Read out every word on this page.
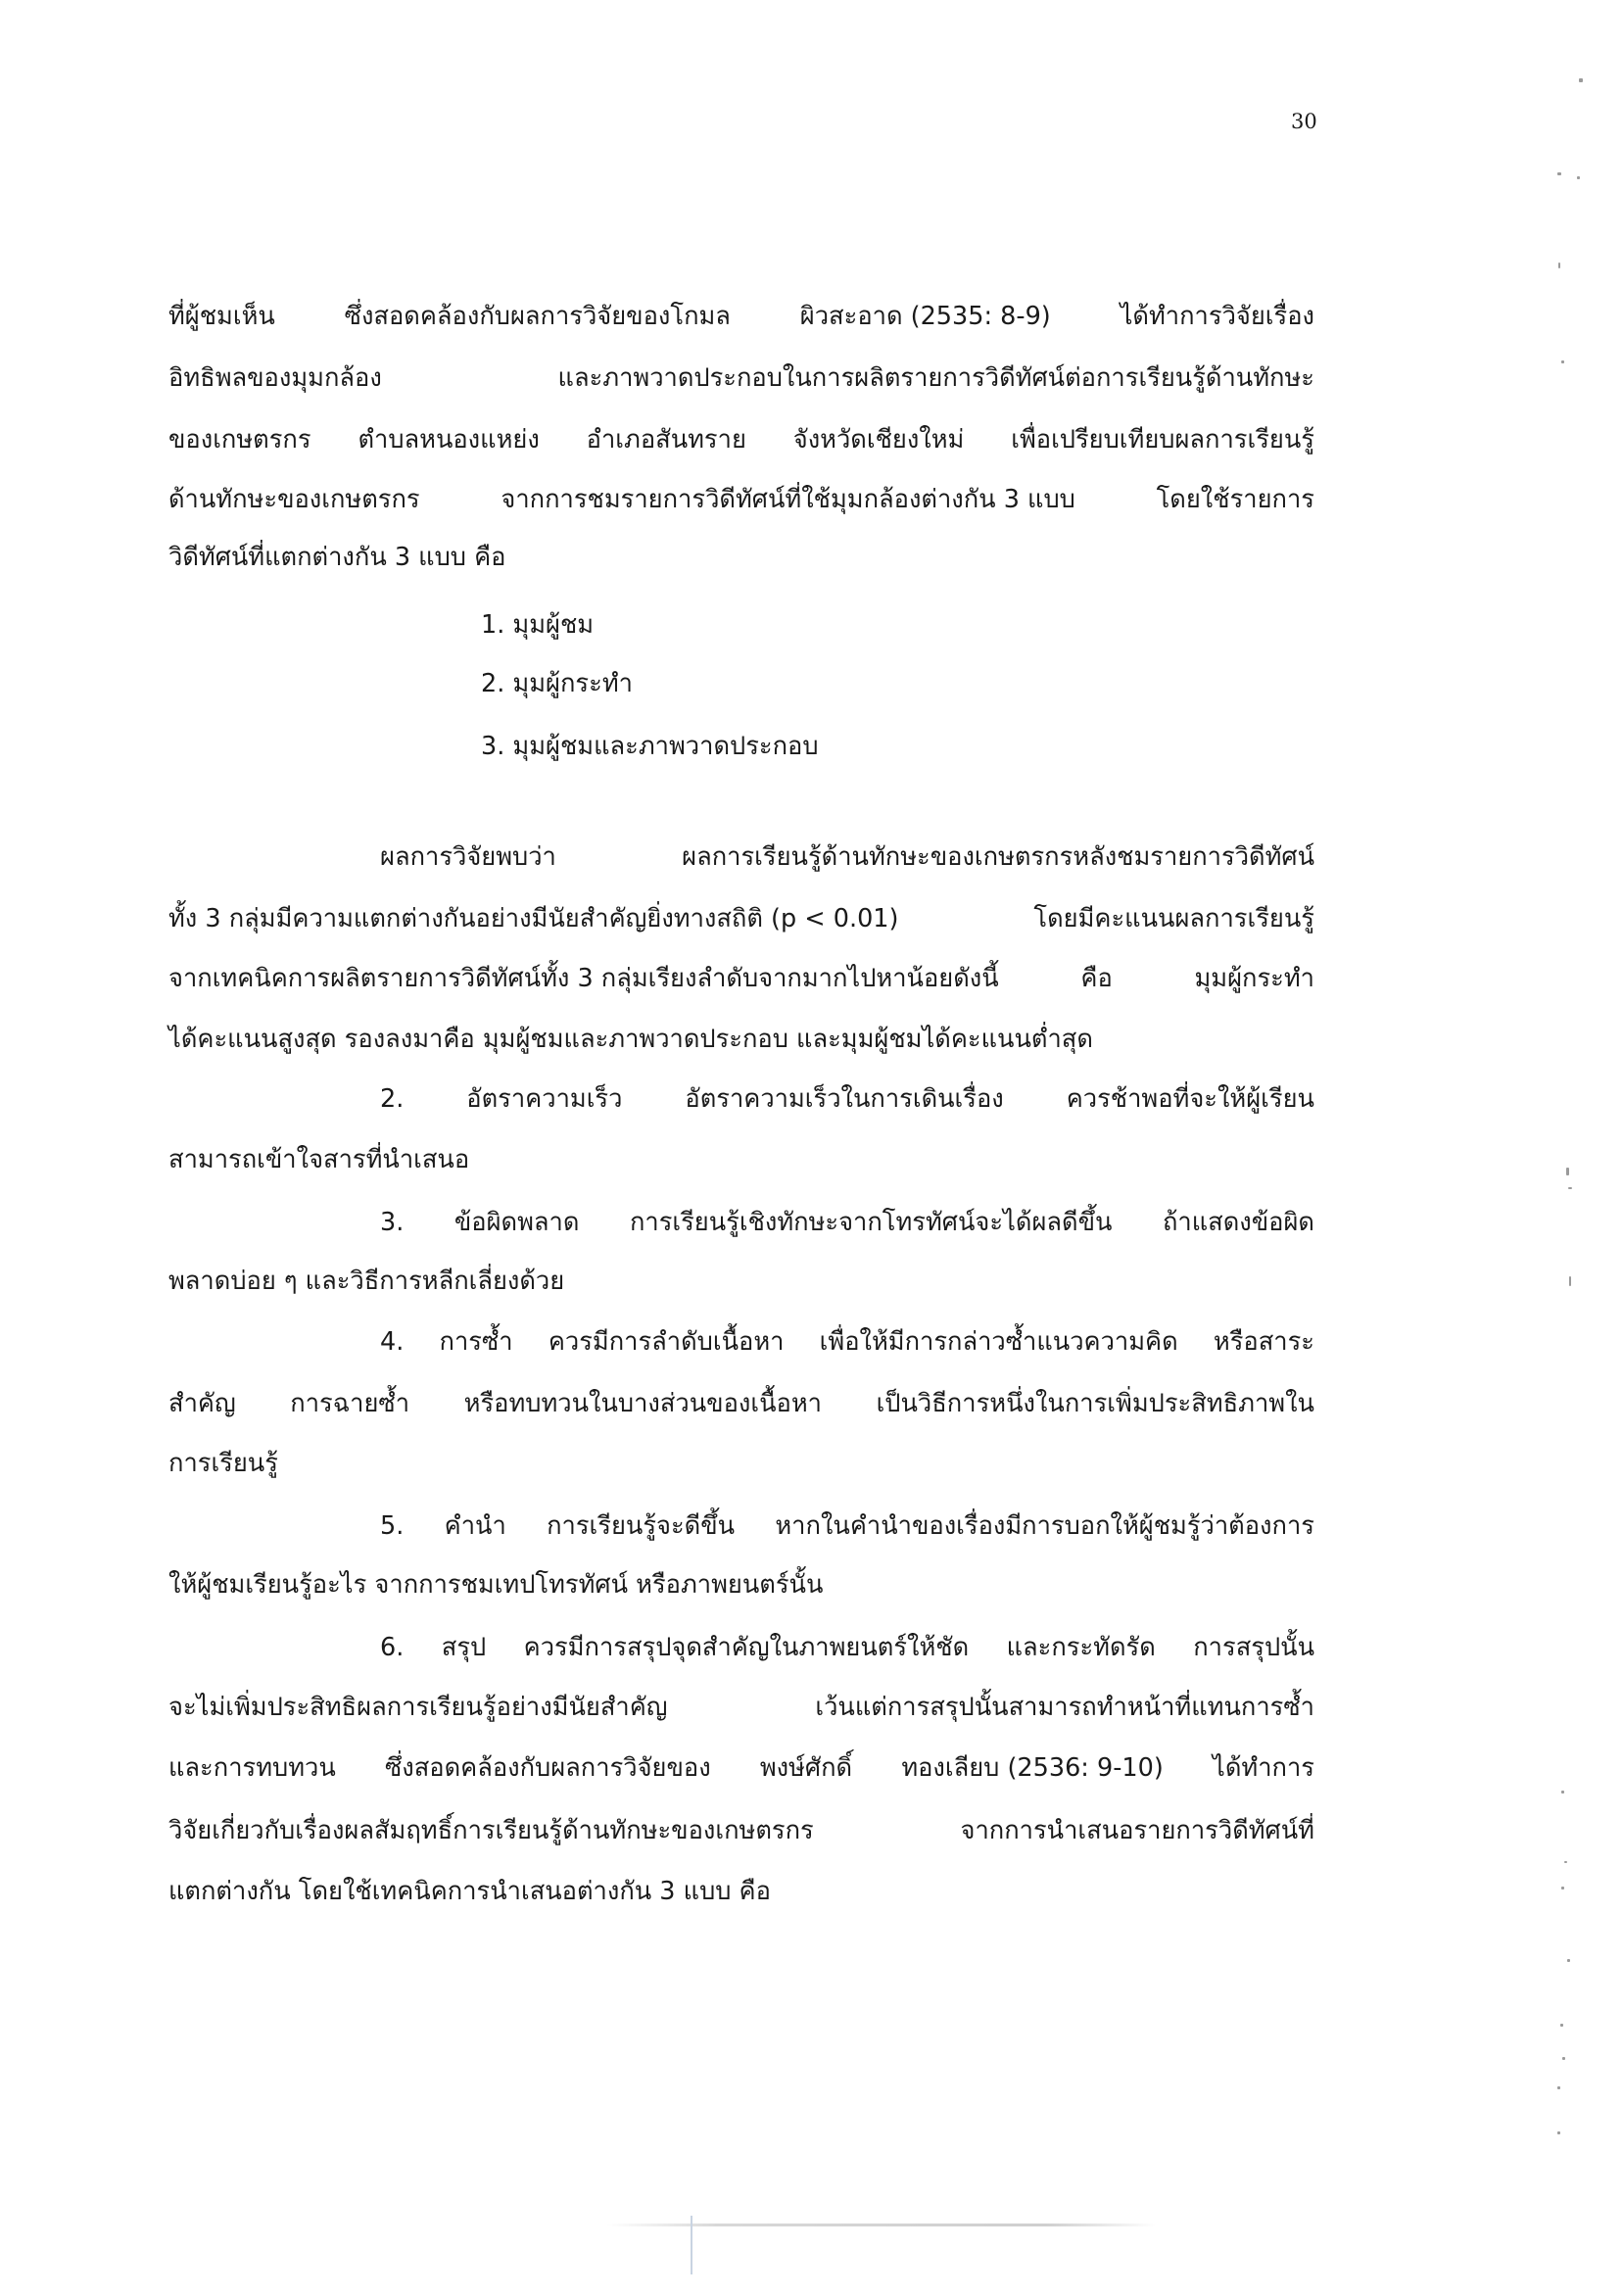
30
ที่ผู้ชมเห็น	ซึ่งสอดคล้องกับผลการวิจัยของโกมล	ผิวสะอาด (2535: 8-9)	ได้ทำการวิจัยเรื่อง
อิทธิพลของมุมกล้อง	และภาพวาดประกอบในการผลิตรายการวิดีทัศน์ต่อการเรียนรู้ด้านทักษะ
ของเกษตรกร ตำบลหนองแหย่ง อำเภอสันทราย จังหวัดเชียงใหม่ เพื่อเปรียบเทียบผลการเรียนรู้
ด้านทักษะของเกษตรกร	จากการชมรายการวิดีทัศน์ที่ใช้มุมกล้องต่างกัน 3 แบบ	โดยใช้รายการ
วิดีทัศน์ที่แตกต่างกัน 3 แบบ คือ
1. มุมผู้ชม
2. มุมผู้กระทำ
3. มุมผู้ชมและภาพวาดประกอบ
ผลการวิจัยพบว่า	ผลการเรียนรู้ด้านทักษะของเกษตรกรหลังชมรายการวิดีทัศน์
ทั้ง 3 กลุ่มมีความแตกต่างกันอย่างมีนัยสำคัญยิ่งทางสถิติ (p < 0.01)	โดยมีคะแนนผลการเรียนรู้
จากเทคนิคการผลิตรายการวิดีทัศน์ทั้ง 3 กลุ่มเรียงลำดับจากมากไปหาน้อยดังนี้	คือ	มุมผู้กระทำ
ได้คะแนนสูงสุด รองลงมาคือ มุมผู้ชมและภาพวาดประกอบ และมุมผู้ชมได้คะแนนต่ำสุด
2.	อัตราความเร็ว	อัตราความเร็วในการเดินเรื่อง	ควรช้าพอที่จะให้ผู้เรียน
สามารถเข้าใจสารที่นำเสนอ
3. ข้อผิดพลาด การเรียนรู้เชิงทักษะจากโทรทัศน์จะได้ผลดีขึ้น ถ้าแสดงข้อผิด
พลาดบ่อย ๆ และวิธีการหลีกเลี่ยงด้วย
4. การซ้ำ ควรมีการลำดับเนื้อหา เพื่อให้มีการกล่าวซ้ำแนวความคิด หรือสาระ
สำคัญ การฉายซ้ำ หรือทบทวนในบางส่วนของเนื้อหา เป็นวิธีการหนึ่งในการเพิ่มประสิทธิภาพใน
การเรียนรู้
5. คำนำ การเรียนรู้จะดีขึ้น หากในคำนำของเรื่องมีการบอกให้ผู้ชมรู้ว่าต้องการ
ให้ผู้ชมเรียนรู้อะไร จากการชมเทปโทรทัศน์ หรือภาพยนตร์นั้น
6. สรุป ควรมีการสรุปจุดสำคัญในภาพยนตร์ให้ชัด และกระทัดรัด การสรุปนั้น
จะไม่เพิ่มประสิทธิผลการเรียนรู้อย่างมีนัยสำคัญ	เว้นแต่การสรุปนั้นสามารถทำหน้าที่แทนการซ้ำ
และการทบทวน ซึ่งสอดคล้องกับผลการวิจัยของ พงษ์ศักดิ์ ทองเลียบ (2536: 9-10) ได้ทำการ
วิจัยเกี่ยวกับเรื่องผลสัมฤทธิ์การเรียนรู้ด้านทักษะของเกษตรกร	จากการนำเสนอรายการวิดีทัศน์ที่
แตกต่างกัน โดยใช้เทคนิคการนำเสนอต่างกัน 3 แบบ คือ
